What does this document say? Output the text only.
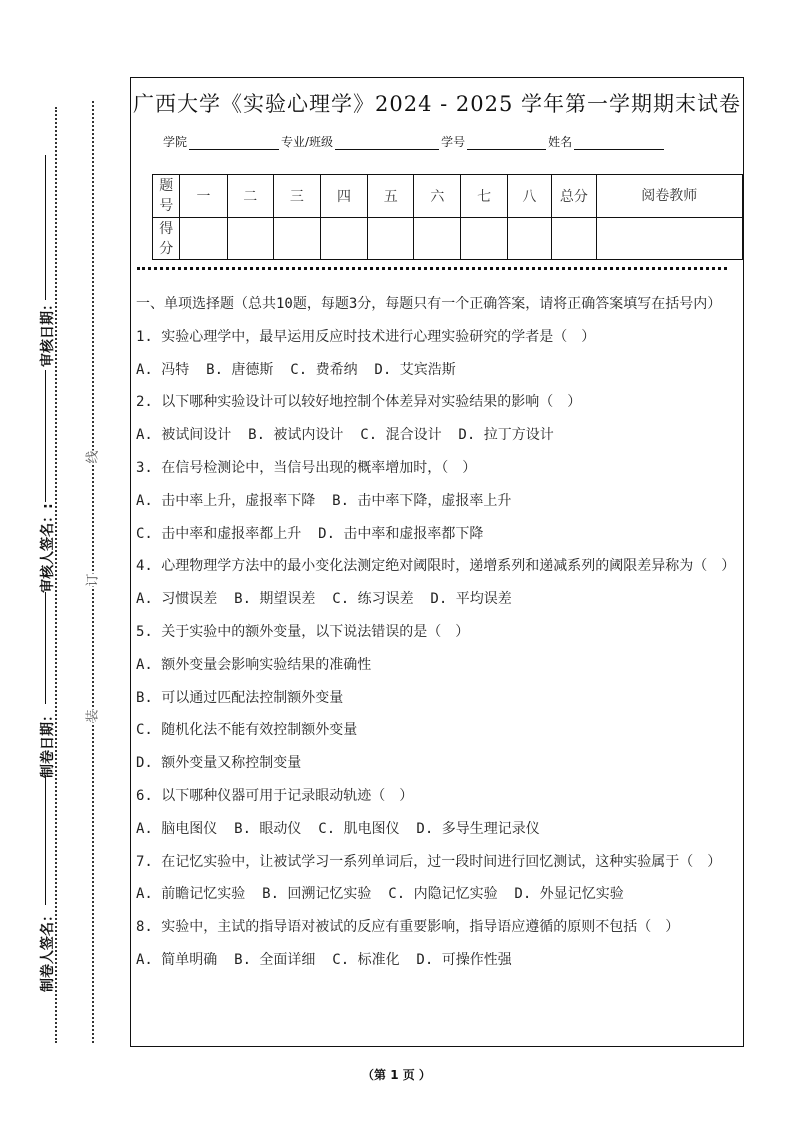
审核日期：
审核人签名：:
制卷日期：
制卷人签名：
线
订
装
广西大学《实验心理学》2024 - 2025 学年第一学期期末试卷
学院	专业/班级	学号	姓名
题号	一	二	三	四	五	六	七	八	总分	阅卷教师
得分										
一、单项选择题（总共10题，每题3分，每题只有一个正确答案，请将正确答案填写在括号内）
1. 实验心理学中，最早运用反应时技术进行心理实验研究的学者是（　）
A. 冯特  B. 唐德斯  C. 费希纳  D. 艾宾浩斯
2. 以下哪种实验设计可以较好地控制个体差异对实验结果的影响（　）
A. 被试间设计  B. 被试内设计  C. 混合设计  D. 拉丁方设计
3. 在信号检测论中，当信号出现的概率增加时，（　）
A. 击中率上升，虚报率下降  B. 击中率下降，虚报率上升
C. 击中率和虚报率都上升  D. 击中率和虚报率都下降
4. 心理物理学方法中的最小变化法测定绝对阈限时，递增系列和递减系列的阈限差异称为（　）
A. 习惯误差  B. 期望误差  C. 练习误差  D. 平均误差
5. 关于实验中的额外变量，以下说法错误的是（　）
A. 额外变量会影响实验结果的准确性
B. 可以通过匹配法控制额外变量
C. 随机化法不能有效控制额外变量
D. 额外变量又称控制变量
6. 以下哪种仪器可用于记录眼动轨迹（　）
A. 脑电图仪  B. 眼动仪  C. 肌电图仪  D. 多导生理记录仪
7. 在记忆实验中，让被试学习一系列单词后，过一段时间进行回忆测试，这种实验属于（　）
A. 前瞻记忆实验  B. 回溯记忆实验  C. 内隐记忆实验  D. 外显记忆实验
8. 实验中，主试的指导语对被试的反应有重要影响，指导语应遵循的原则不包括（　）
A. 简单明确  B. 全面详细  C. 标准化  D. 可操作性强
（第 1 页 ）
